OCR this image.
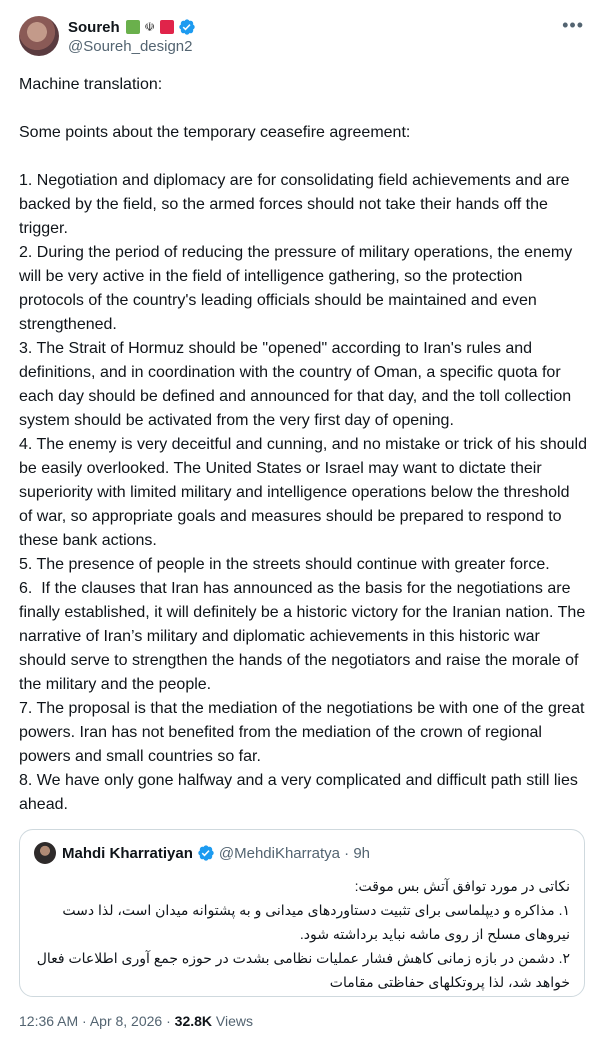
Soureh ☫
@Soureh_design2
•••
Machine translation:

Some points about the temporary ceasefire agreement:

1. Negotiation and diplomacy are for consolidating field achievements and are backed by the field, so the armed forces should not take their hands off the trigger.
2. During the period of reducing the pressure of military operations, the enemy will be very active in the field of intelligence gathering, so the protection protocols of the country's leading officials should be maintained and even strengthened.
3. The Strait of Hormuz should be "opened" according to Iran's rules and definitions, and in coordination with the country of Oman, a specific quota for each day should be defined and announced for that day, and the toll collection system should be activated from the very first day of opening.
4. The enemy is very deceitful and cunning, and no mistake or trick of his should be easily overlooked. The United States or Israel may want to dictate their superiority with limited military and intelligence operations below the threshold of war, so appropriate goals and measures should be prepared to respond to these bank actions.
5. The presence of people in the streets should continue with greater force.
6.  If the clauses that Iran has announced as the basis for the negotiations are finally established, it will definitely be a historic victory for the Iranian nation. The narrative of Iran’s military and diplomatic achievements in this historic war should serve to strengthen the hands of the negotiators and raise the morale of the military and the people.
7. The proposal is that the mediation of the negotiations be with one of the great powers. Iran has not benefited from the mediation of the crown of regional powers and small countries so far.
8. We have only gone halfway and a very complicated and difficult path still lies ahead.
Mahdi Kharratiyan @MehdiKharratya · 9h
نکاتی در مورد توافق آتش بس موقت:
۱. مذاکره و دیپلماسی برای تثبیت دستاوردهای میدانی و به پشتوانه میدان است، لذا دست نیروهای مسلح از روی ماشه نباید برداشته شود.
۲. دشمن در بازه زمانی کاهش فشار عملیات نظامی بشدت در حوزه جمع آوری اطلاعات فعال خواهد شد، لذا پروتکلهای حفاظتی مقامات
12:36 AM · Apr 8, 2026 · 32.8K Views
